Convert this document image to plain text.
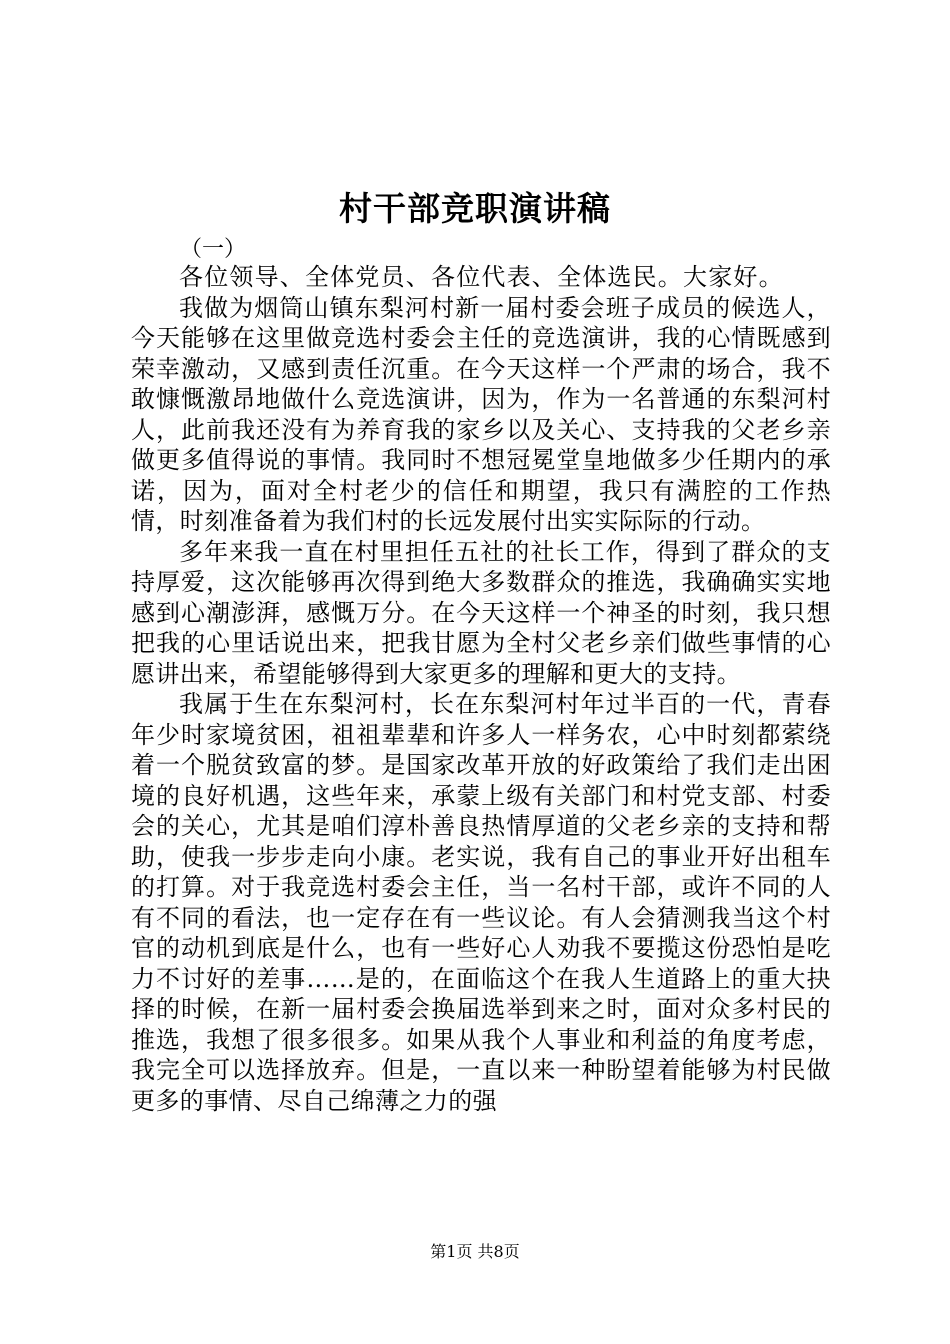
村干部竞职演讲稿
（一）

各位领导、全体党员、各位代表、全体选民。大家好。

我做为烟筒山镇东梨河村新一届村委会班子成员的候选人，今天能够在这里做竞选村委会主任的竞选演讲，我的心情既感到荣幸激动，又感到责任沉重。在今天这样一个严肃的场合，我不敢慷慨激昂地做什么竞选演讲，因为，作为一名普通的东梨河村人，此前我还没有为养育我的家乡以及关心、支持我的父老乡亲做更多值得说的事情。我同时不想冠冕堂皇地做多少任期内的承诺，因为，面对全村老少的信任和期望，我只有满腔的工作热情，时刻准备着为我们村的长远发展付出实实际际的行动。

多年来我一直在村里担任五社的社长工作，得到了群众的支持厚爱，这次能够再次得到绝大多数群众的推选，我确确实实地感到心潮澎湃，感慨万分。在今天这样一个神圣的时刻，我只想把我的心里话说出来，把我甘愿为全村父老乡亲们做些事情的心愿讲出来，希望能够得到大家更多的理解和更大的支持。

我属于生在东梨河村，长在东梨河村年过半百的一代，青春年少时家境贫困，祖祖辈辈和许多人一样务农，心中时刻都萦绕着一个脱贫致富的梦。是国家改革开放的好政策给了我们走出困境的良好机遇，这些年来，承蒙上级有关部门和村党支部、村委会的关心，尤其是咱们淳朴善良热情厚道的父老乡亲的支持和帮助，使我一步步走向小康。老实说，我有自己的事业开好出租车的打算。对于我竞选村委会主任，当一名村干部，或许不同的人有不同的看法，也一定存在有一些议论。有人会猜测我当这个村官的动机到底是什么，也有一些好心人劝我不要揽这份恐怕是吃力不讨好的差事……是的，在面临这个在我人生道路上的重大抉择的时候，在新一届村委会换届选举到来之时，面对众多村民的推选，我想了很多很多。如果从我个人事业和利益的角度考虑，我完全可以选择放弃。但是，一直以来一种盼望着能够为村民做更多的事情、尽自己绵薄之力的强

第1页 共8页
